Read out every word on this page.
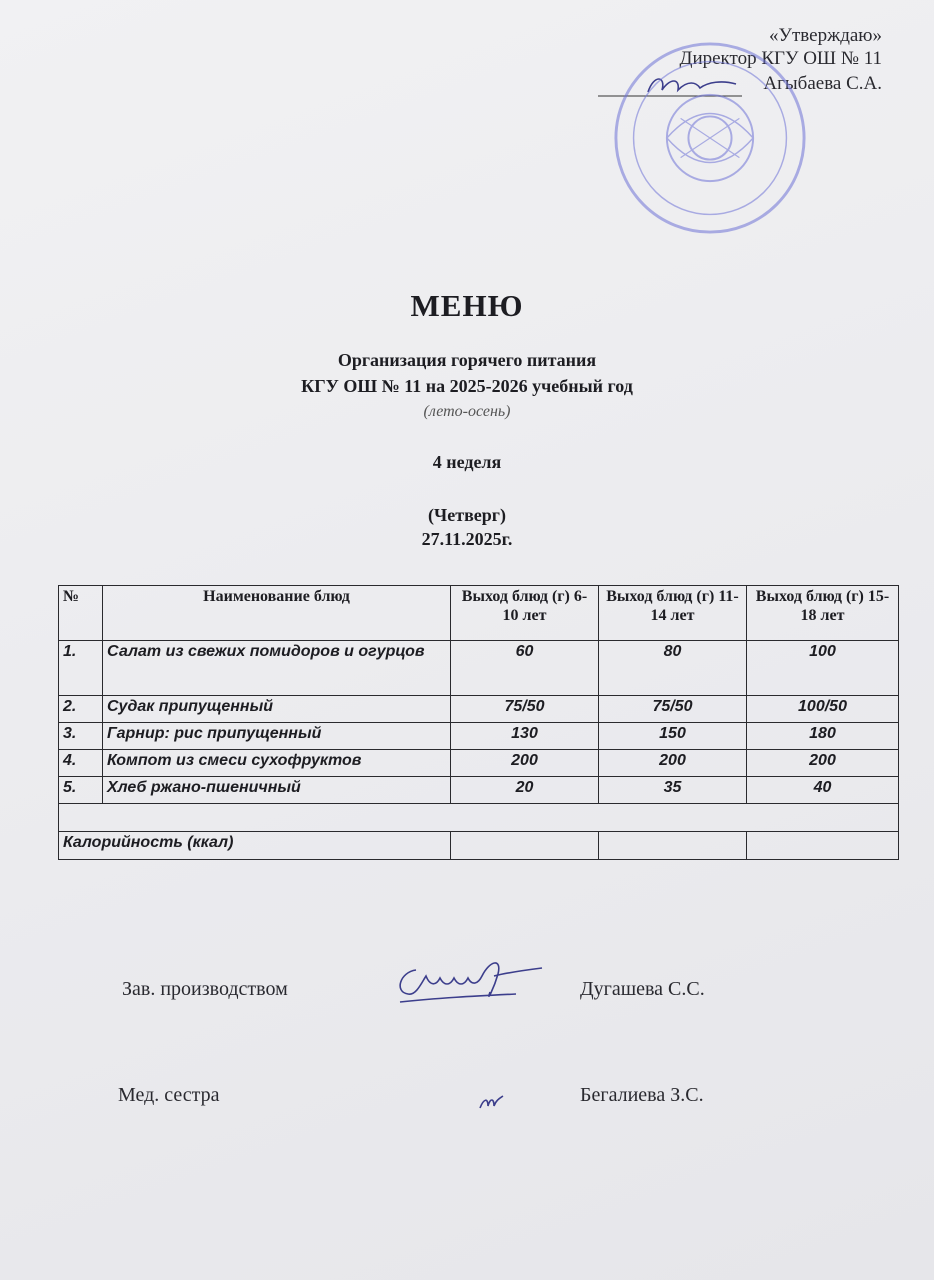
«Утверждаю»
Директор КГУ ОШ № 11
Агыбаева С.А.
МЕНЮ
Организация горячего питания
КГУ ОШ № 11 на 2025-2026 учебный год
(лето-осень)
4 неделя
(Четверг)
27.11.2025г.
№	Наименование блюд	Выход блюд (г) 6-10 лет	Выход блюд (г) 11-14 лет	Выход блюд (г) 15-18 лет
1.	Салат из свежих помидоров и огурцов	60	80	100
2.	Судак припущенный	75/50	75/50	100/50
3.	Гарнир: рис припущенный	130	150	180
4.	Компот из смеси сухофруктов	200	200	200
5.	Хлеб ржано-пшеничный	20	35	40

Калорийность (ккал)				
Зав. производством	Дугашева С.С.
Мед. сестра	Бегалиева З.С.
